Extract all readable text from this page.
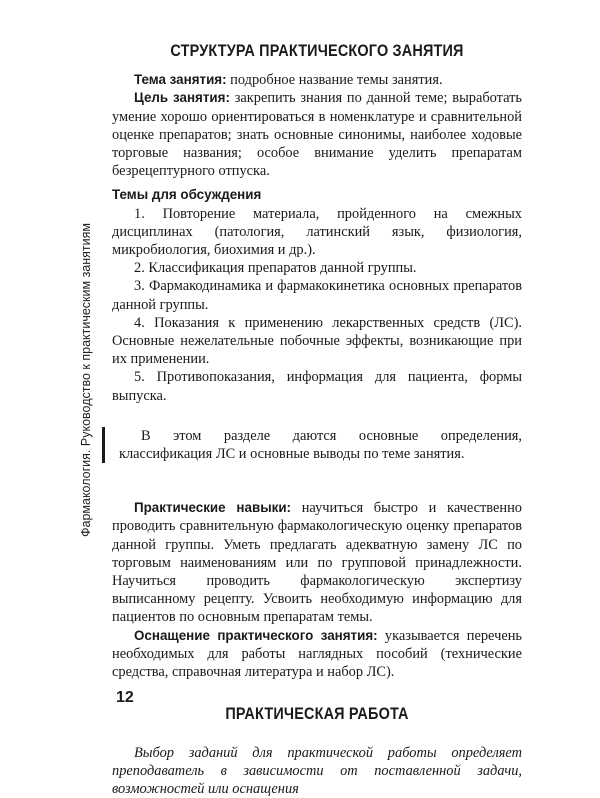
Фармакология. Руководство к практическим занятиям
СТРУКТУРА ПРАКТИЧЕСКОГО ЗАНЯТИЯ

Тема занятия: подробное название темы занятия.

Цель занятия: закрепить знания по данной теме; выработать умение хорошо ориентироваться в номенклатуре и сравнительной оценке препаратов; знать основные синонимы, наиболее ходовые торговые названия; особое внимание уделить препаратам безрецептурного отпуска.

Темы для обсуждения

1. Повторение материала, пройденного на смежных дисциплинах (патология, латинский язык, физиология, микробиология, биохимия и др.).

2. Классификация препаратов данной группы.

3. Фармакодинамика и фармакокинетика основных препаратов данной группы.

4. Показания к применению лекарственных средств (ЛС). Основные нежелательные побочные эффекты, возникающие при их применении.

5. Противопоказания, информация для пациента, формы выпуска.

В этом разделе даются основные определения, классификация ЛС и основные выводы по теме занятия.

Практические навыки: научиться быстро и качественно проводить сравнительную фармакологическую оценку препаратов данной группы. Уметь предлагать адекватную замену ЛС по торговым наименованиям или по групповой принадлежности. Научиться проводить фармакологическую экспертизу выписанному рецепту. Усвоить необходимую информацию для пациентов по основным препаратам темы.

Оснащение практического занятия: указывается перечень необходимых для работы наглядных пособий (технические средства, справочная литература и набор ЛС).

ПРАКТИЧЕСКАЯ РАБОТА

Выбор заданий для практической работы определяет преподаватель в зависимости от поставленной задачи, возможностей или оснащения

12
